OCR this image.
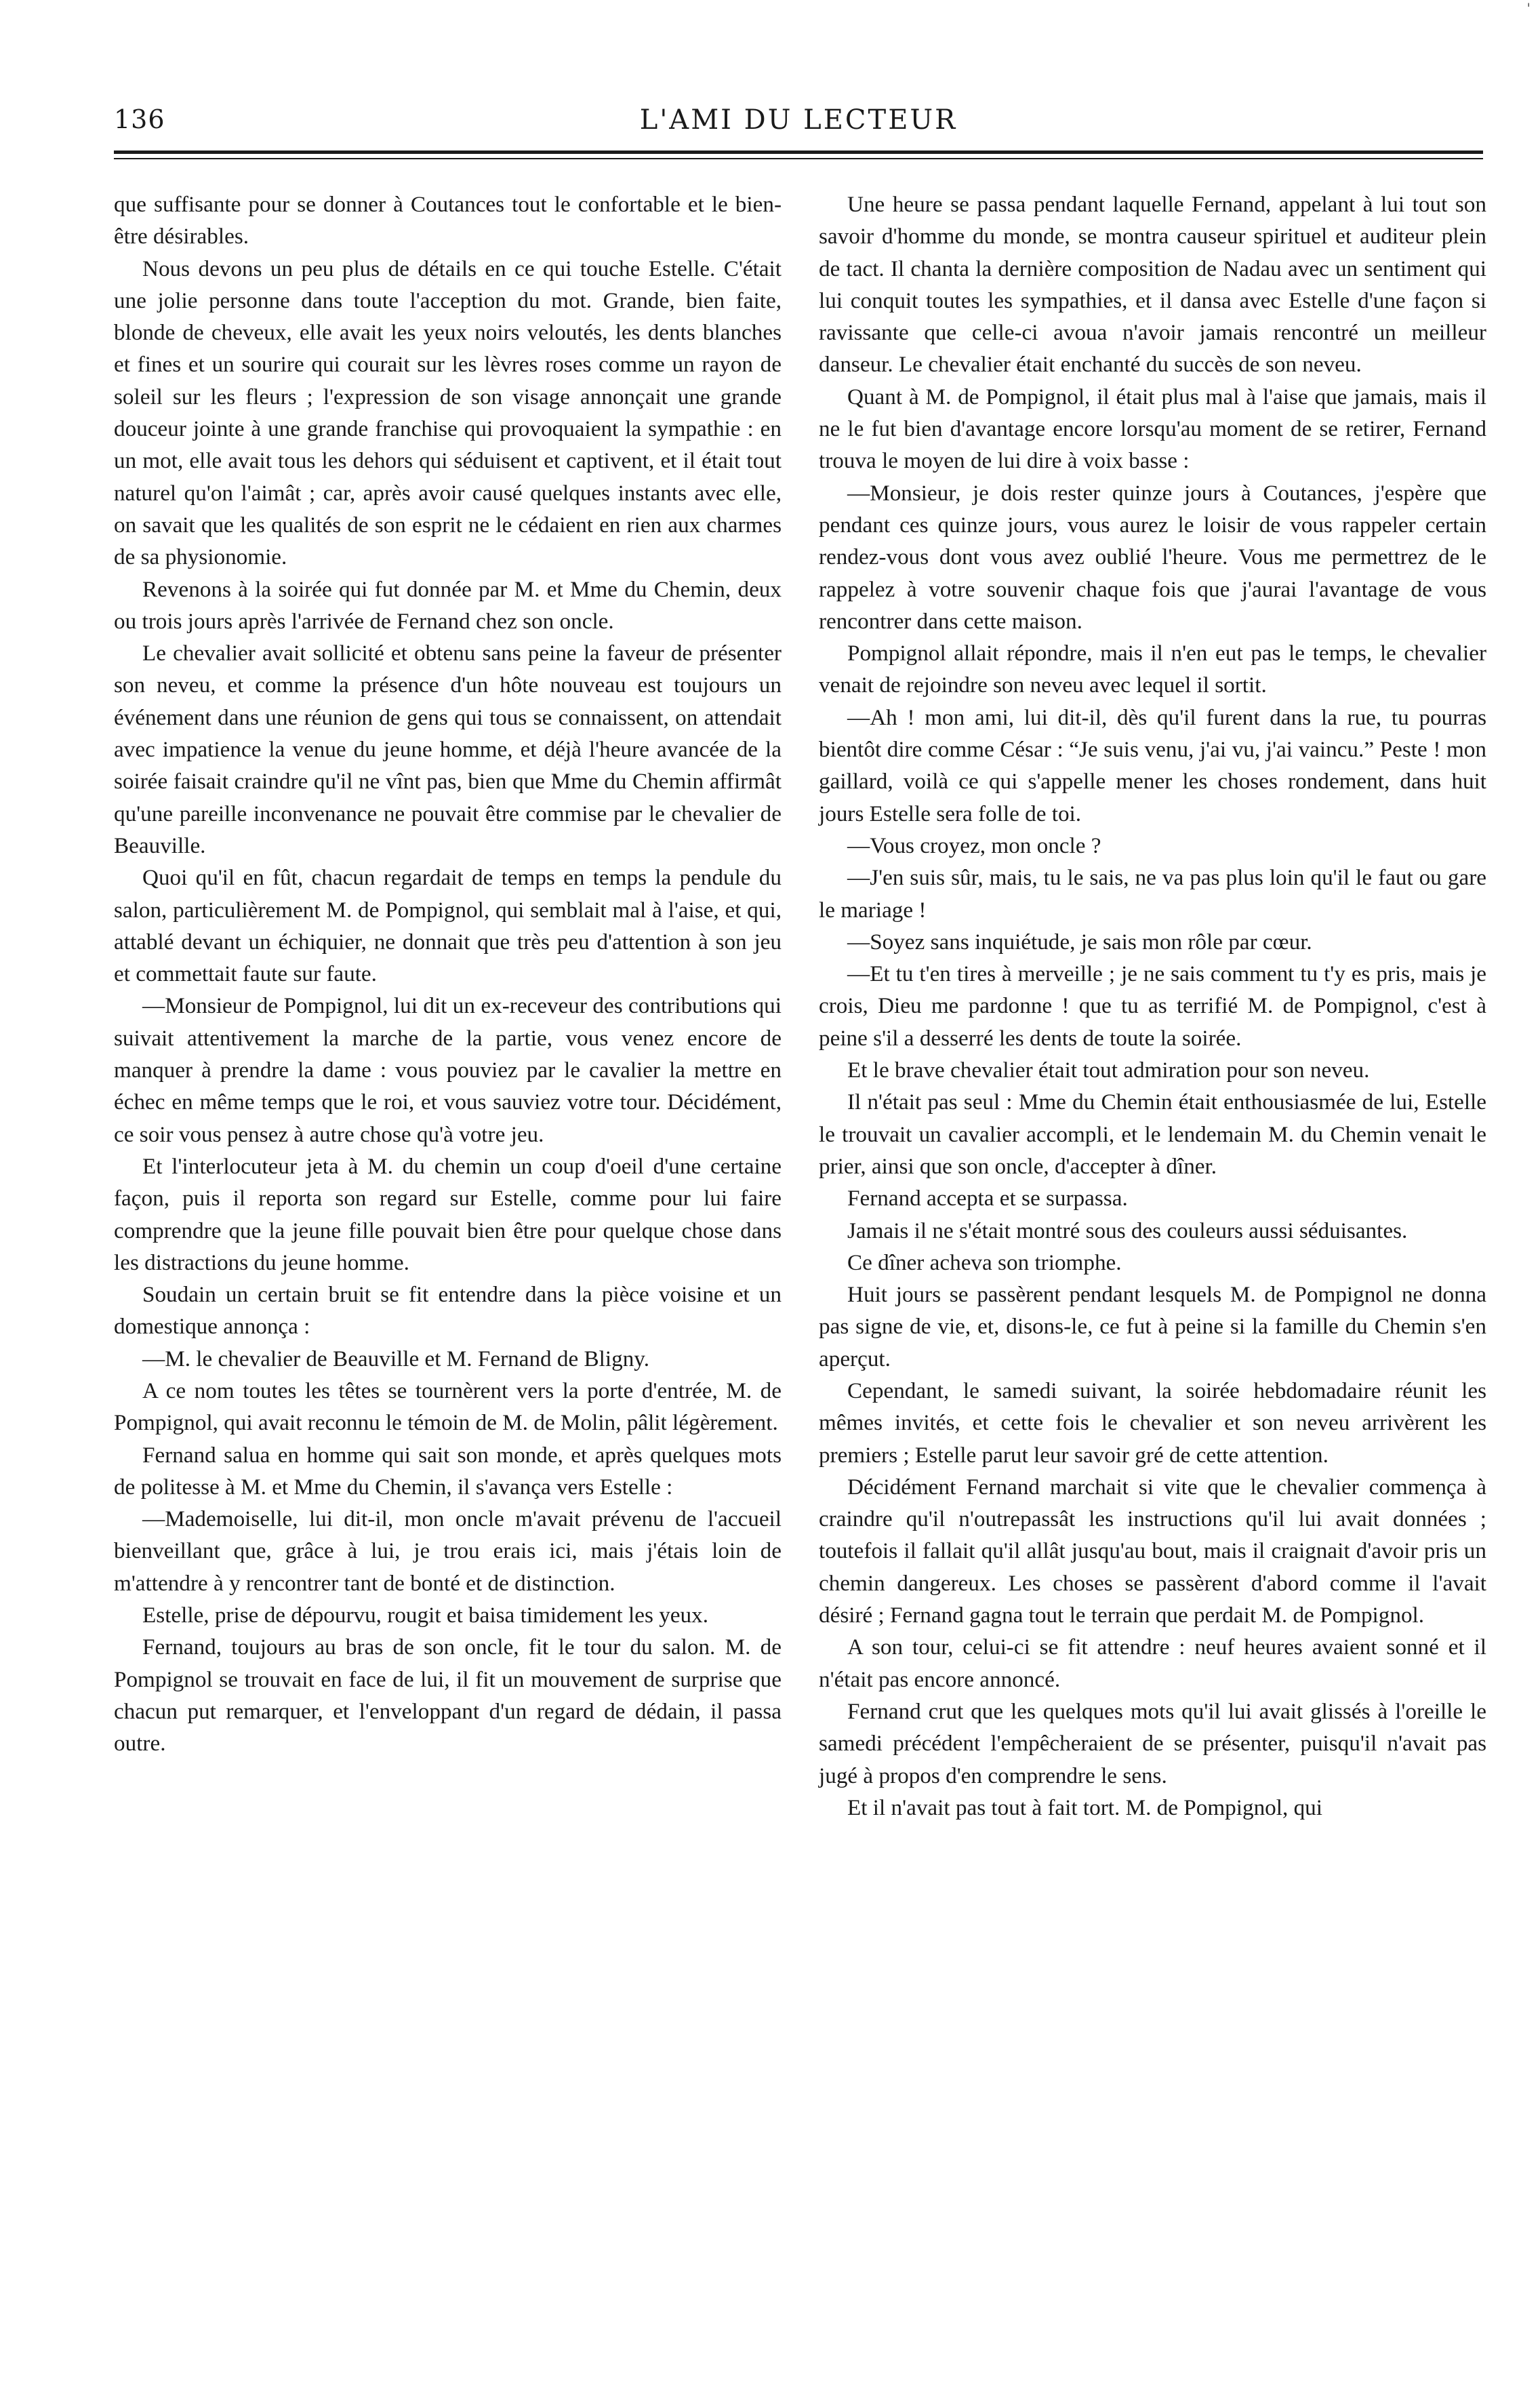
'
136	L'AMI DU LECTEUR

que suffisante pour se donner à Coutances tout le confortable et le bien-être désirables.

Nous devons un peu plus de détails en ce qui touche Estelle. C'était une jolie personne dans toute l'acception du mot. Grande, bien faite, blonde de cheveux, elle avait les yeux noirs veloutés, les dents blanches et fines et un sourire qui courait sur les lèvres roses comme un rayon de soleil sur les fleurs ; l'expression de son visage annonçait une grande douceur jointe à une grande franchise qui provoquaient la sympathie : en un mot, elle avait tous les dehors qui séduisent et captivent, et il était tout naturel qu'on l'aimât ; car, après avoir causé quelques instants avec elle, on savait que les qualités de son esprit ne le cédaient en rien aux charmes de sa physionomie.

Revenons à la soirée qui fut donnée par M. et Mme du Chemin, deux ou trois jours après l'arrivée de Fernand chez son oncle.

Le chevalier avait sollicité et obtenu sans peine la faveur de présenter son neveu, et comme la présence d'un hôte nouveau est toujours un événement dans une réunion de gens qui tous se connaissent, on attendait avec impatience la venue du jeune homme, et déjà l'heure avancée de la soirée faisait craindre qu'il ne vînt pas, bien que Mme du Chemin affirmât qu'une pareille inconvenance ne pouvait être commise par le chevalier de Beauville.

Quoi qu'il en fût, chacun regardait de temps en temps la pendule du salon, particulièrement M. de Pompignol, qui semblait mal à l'aise, et qui, attablé devant un échiquier, ne donnait que très peu d'attention à son jeu et commettait faute sur faute.

—Monsieur de Pompignol, lui dit un ex-receveur des contributions qui suivait attentivement la marche de la partie, vous venez encore de manquer à prendre la dame : vous pouviez par le cavalier la mettre en échec en même temps que le roi, et vous sauviez votre tour. Décidément, ce soir vous pensez à autre chose qu'à votre jeu.

Et l'interlocuteur jeta à M. du chemin un coup d'oeil d'une certaine façon, puis il reporta son regard sur Estelle, comme pour lui faire comprendre que la jeune fille pouvait bien être pour quelque chose dans les distractions du jeune homme.

Soudain un certain bruit se fit entendre dans la pièce voisine et un domestique annonça :

—M. le chevalier de Beauville et M. Fernand de Bligny.

A ce nom toutes les têtes se tournèrent vers la porte d'entrée, M. de Pompignol, qui avait reconnu le témoin de M. de Molin, pâlit légèrement.

Fernand salua en homme qui sait son monde, et après quelques mots de politesse à M. et Mme du Chemin, il s'avança vers Estelle :

—Mademoiselle, lui dit-il, mon oncle m'avait prévenu de l'accueil bienveillant que, grâce à lui, je trou erais ici, mais j'étais loin de m'attendre à y rencontrer tant de bonté et de distinction.

Estelle, prise de dépourvu, rougit et baisa timidement les yeux.

Fernand, toujours au bras de son oncle, fit le tour du salon. M. de Pompignol se trouvait en face de lui, il fit un mouvement de surprise que chacun put remarquer, et l'enveloppant d'un regard de dédain, il passa outre.

Une heure se passa pendant laquelle Fernand, appelant à lui tout son savoir d'homme du monde, se montra causeur spirituel et auditeur plein de tact. Il chanta la dernière composition de Nadau avec un sentiment qui lui conquit toutes les sympathies, et il dansa avec Estelle d'une façon si ravissante que celle-ci avoua n'avoir jamais rencontré un meilleur danseur. Le chevalier était enchanté du succès de son neveu.

Quant à M. de Pompignol, il était plus mal à l'aise que jamais, mais il ne le fut bien d'avantage encore lorsqu'au moment de se retirer, Fernand trouva le moyen de lui dire à voix basse :

—Monsieur, je dois rester quinze jours à Coutances, j'espère que pendant ces quinze jours, vous aurez le loisir de vous rappeler certain rendez-vous dont vous avez oublié l'heure. Vous me permettrez de le rappelez à votre souvenir chaque fois que j'aurai l'avantage de vous rencontrer dans cette maison.

Pompignol allait répondre, mais il n'en eut pas le temps, le chevalier venait de rejoindre son neveu avec lequel il sortit.

—Ah ! mon ami, lui dit-il, dès qu'il furent dans la rue, tu pourras bientôt dire comme César : “Je suis venu, j'ai vu, j'ai vaincu.” Peste ! mon gaillard, voilà ce qui s'appelle mener les choses rondement, dans huit jours Estelle sera folle de toi.

—Vous croyez, mon oncle ?

—J'en suis sûr, mais, tu le sais, ne va pas plus loin qu'il le faut ou gare le mariage !

—Soyez sans inquiétude, je sais mon rôle par cœur.

—Et tu t'en tires à merveille ; je ne sais comment tu t'y es pris, mais je crois, Dieu me pardonne ! que tu as terrifié M. de Pompignol, c'est à peine s'il a desserré les dents de toute la soirée.

Et le brave chevalier était tout admiration pour son neveu.

Il n'était pas seul : Mme du Chemin était enthousiasmée de lui, Estelle le trouvait un cavalier accompli, et le lendemain M. du Chemin venait le prier, ainsi que son oncle, d'accepter à dîner.

Fernand accepta et se surpassa.

Jamais il ne s'était montré sous des couleurs aussi séduisantes.

Ce dîner acheva son triomphe.

Huit jours se passèrent pendant lesquels M. de Pompignol ne donna pas signe de vie, et, disons-le, ce fut à peine si la famille du Chemin s'en aperçut.

Cependant, le samedi suivant, la soirée hebdomadaire réunit les mêmes invités, et cette fois le chevalier et son neveu arrivèrent les premiers ; Estelle parut leur savoir gré de cette attention.

Décidément Fernand marchait si vite que le chevalier commença à craindre qu'il n'outrepassât les instructions qu'il lui avait données ; toutefois il fallait qu'il allât jusqu'au bout, mais il craignait d'avoir pris un chemin dangereux. Les choses se passèrent d'abord comme il l'avait désiré ; Fernand gagna tout le terrain que perdait M. de Pompignol.

A son tour, celui-ci se fit attendre : neuf heures avaient sonné et il n'était pas encore annoncé.

Fernand crut que les quelques mots qu'il lui avait glissés à l'oreille le samedi précédent l'empêcheraient de se présenter, puisqu'il n'avait pas jugé à propos d'en comprendre le sens.

Et il n'avait pas tout à fait tort. M. de Pompignol, qui
